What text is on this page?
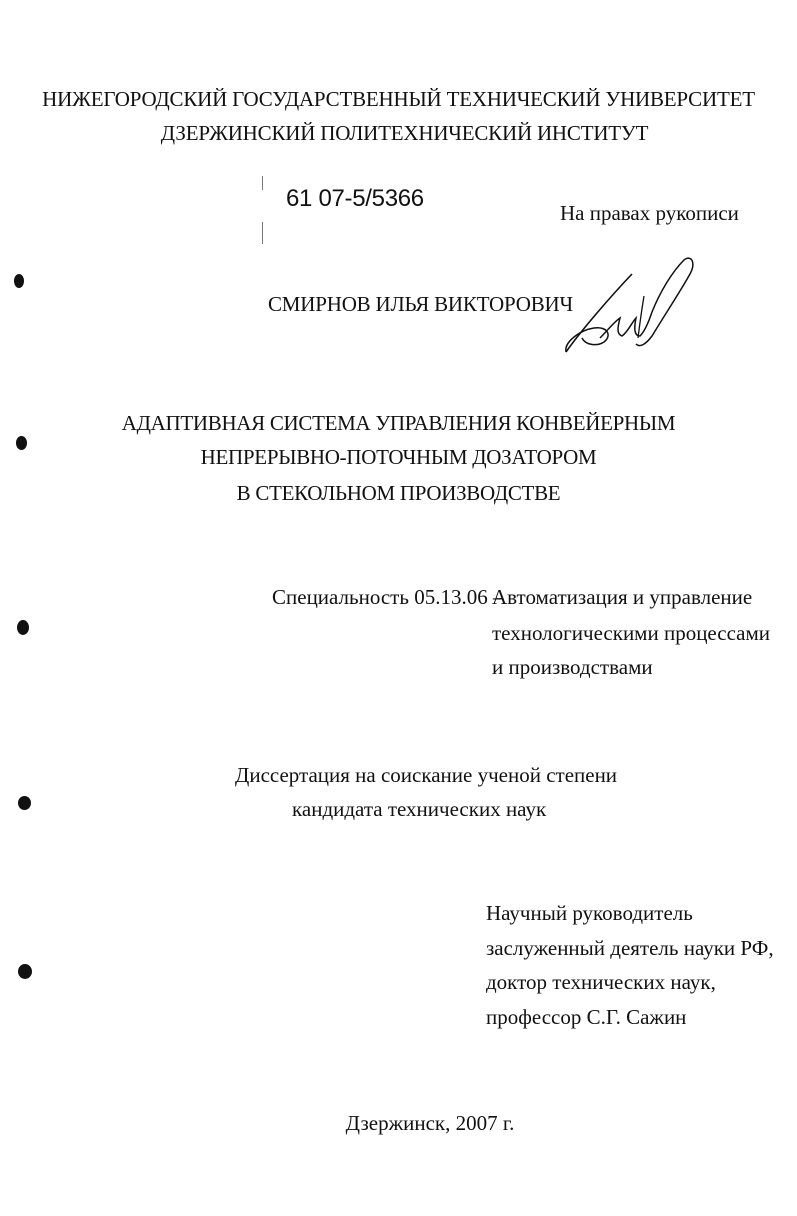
НИЖЕГОРОДСКИЙ ГОСУДАРСТВЕННЫЙ ТЕХНИЧЕСКИЙ УНИВЕРСИТЕТ
ДЗЕРЖИНСКИЙ ПОЛИТЕХНИЧЕСКИЙ ИНСТИТУТ
61 07-5/5366
На правах рукописи
СМИРНОВ ИЛЬЯ ВИКТОРОВИЧ
АДАПТИВНАЯ СИСТЕМА УПРАВЛЕНИЯ КОНВЕЙЕРНЫМ
НЕПРЕРЫВНО-ПОТОЧНЫМ ДОЗАТОРОМ
В СТЕКОЛЬНОМ ПРОИЗВОДСТВЕ
Специальность 05.13.06 –
Автоматизация и управление
технологическими процессами
и производствами
Диссертация на соискание ученой степени
кандидата технических наук
Научный руководитель
заслуженный деятель науки РФ,
доктор технических наук,
профессор С.Г. Сажин
Дзержинск, 2007 г.
